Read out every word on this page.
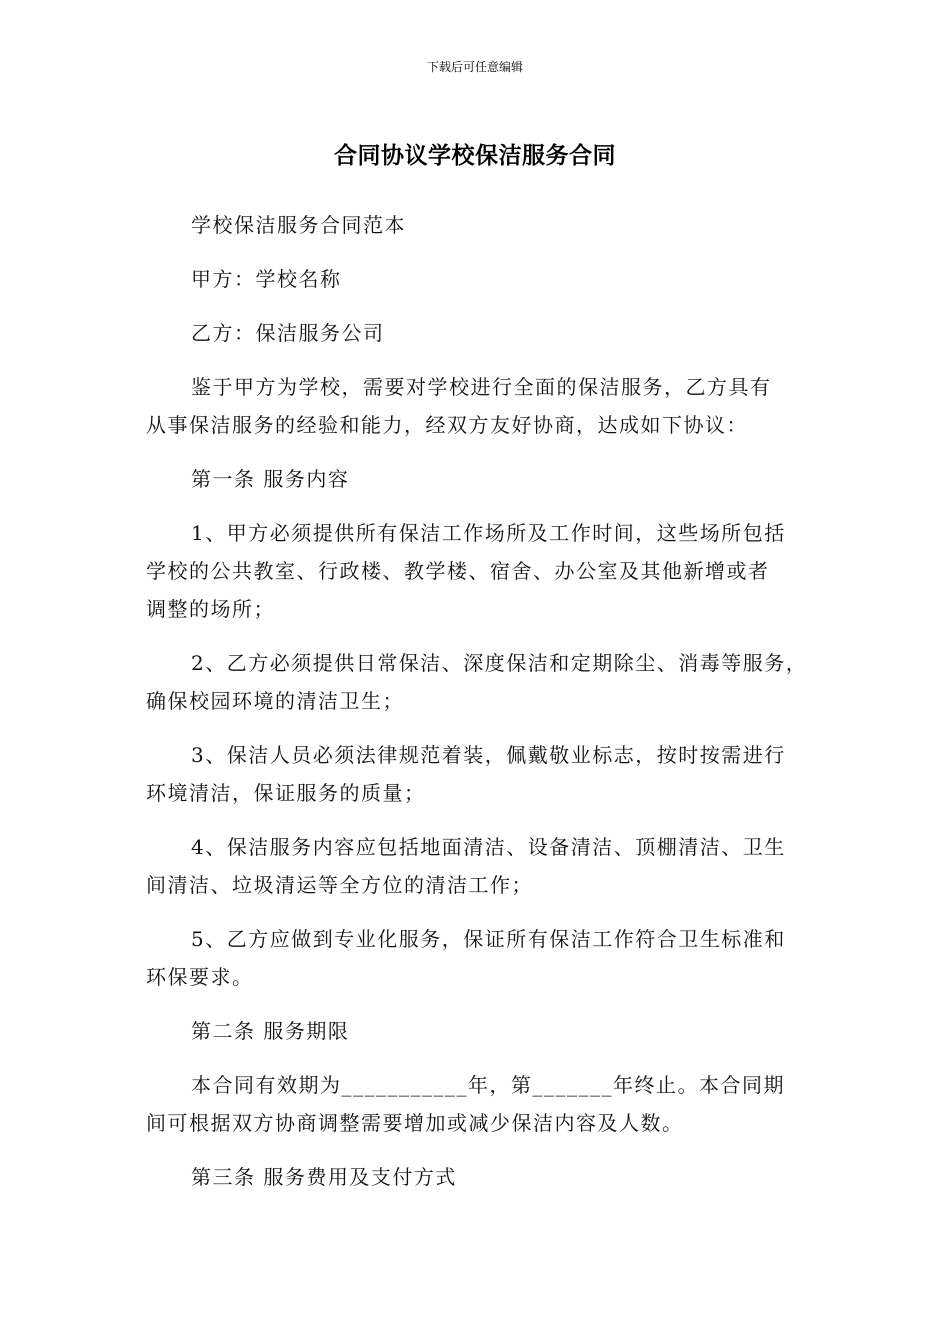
下载后可任意编辑
合同协议学校保洁服务合同
学校保洁服务合同范本
甲方：学校名称
乙方：保洁服务公司
鉴于甲方为学校，需要对学校进行全面的保洁服务，乙方具有
从事保洁服务的经验和能力，经双方友好协商，达成如下协议：
第一条 服务内容
1、甲方必须提供所有保洁工作场所及工作时间，这些场所包括
学校的公共教室、行政楼、教学楼、宿舍、办公室及其他新增或者
调整的场所；
2、乙方必须提供日常保洁、深度保洁和定期除尘、消毒等服务，
确保校园环境的清洁卫生；
3、保洁人员必须法律规范着装，佩戴敬业标志，按时按需进行
环境清洁，保证服务的质量；
4、保洁服务内容应包括地面清洁、设备清洁、顶棚清洁、卫生
间清洁、垃圾清运等全方位的清洁工作；
5、乙方应做到专业化服务，保证所有保洁工作符合卫生标准和
环保要求。
第二条 服务期限
本合同有效期为___________年，第_______年终止。本合同期
间可根据双方协商调整需要增加或减少保洁内容及人数。
第三条 服务费用及支付方式
